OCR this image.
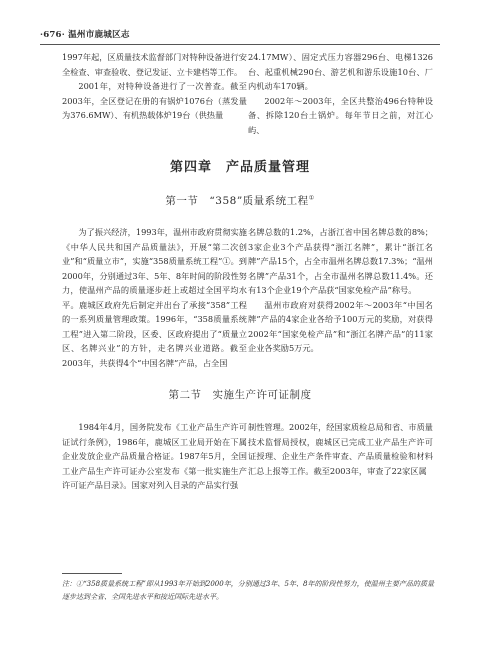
·676· 温州市鹿城区志

1997年起，区质量技术监督部门对特种设备进行安全检查、审查验收、登记发证、立卡建档等工作。

2001年，对特种设备进行了一次普查。截至2003年，全区登记在册的有锅炉1076台（蒸发量为376.6MW）、有机热载体炉19台（供热量

24.17MW）、固定式压力容器296台、电梯1326台、起重机械290台、游艺机和游乐设施10台、厂内机动车170辆。

2002年～2003年，全区共整治496台特种设备、拆除120台土锅炉。每年节日之前，对江心屿、

第四章　产品质量管理
第一节　“358”质量系统工程①

为了振兴经济，1993年，温州市政府贯彻实施《中华人民共和国产品质量法》，开展“第二次创业”和“质量立市”，实施“358质量系统工程”①。到2000年，分别通过3年、5年、8年时间的阶段性努力，使温州产品的质量逐步赶上或超过全国平均水平。鹿城区政府先后制定并出台了承接“358”工程的一系列质量管理政策。1996年，“358质量系统工程”进入第二阶段，区委、区政府提出了“质量立区、名牌兴业”的方针，走名牌兴业道路。截至2003年，共获得4个“中国名牌”产品，占全国

名牌总数的1.2%，占浙江省中国名牌总数的8%；3家企业3个产品获得“浙江名牌”，累计“浙江名牌”产品15个，占全市温州名牌总数17.3%；“温州名牌”产品31个，占全市温州名牌总数11.4%。还有13个企业19个产品获“国家免检产品”称号。

温州市政府对获得2002年～2003年“中国名牌”产品的4家企业各给予100万元的奖励，对获得2002年“国家免检产品”和“浙江名牌产品”的11家企业各奖励5万元。

第二节　实施生产许可证制度

1984年4月，国务院发布《工业产品生产许可证试行条例》，1986年，鹿城区工业局开始在下属企业发放企业产品质量合格证。1987年5月，全国工业产品生产许可证办公室发布《第一批实施生产许可证产品目录》。国家对列入目录的产品实行强

制性管理。2002年，经国家质检总局和省、市质量技术监督局授权，鹿城区已完成工业产品生产许可证授理、企业生产条件审查、产品质量检验和材料汇总上报等工作。截至2003年，审查了22家区属

注：①“358质量系统工程”即从1993年开始到2000年，分别通过3年、5年、8年的阶段性努力，使温州主要产品的质量逐步达到全省、全国先进水平和接近国际先进水平。
